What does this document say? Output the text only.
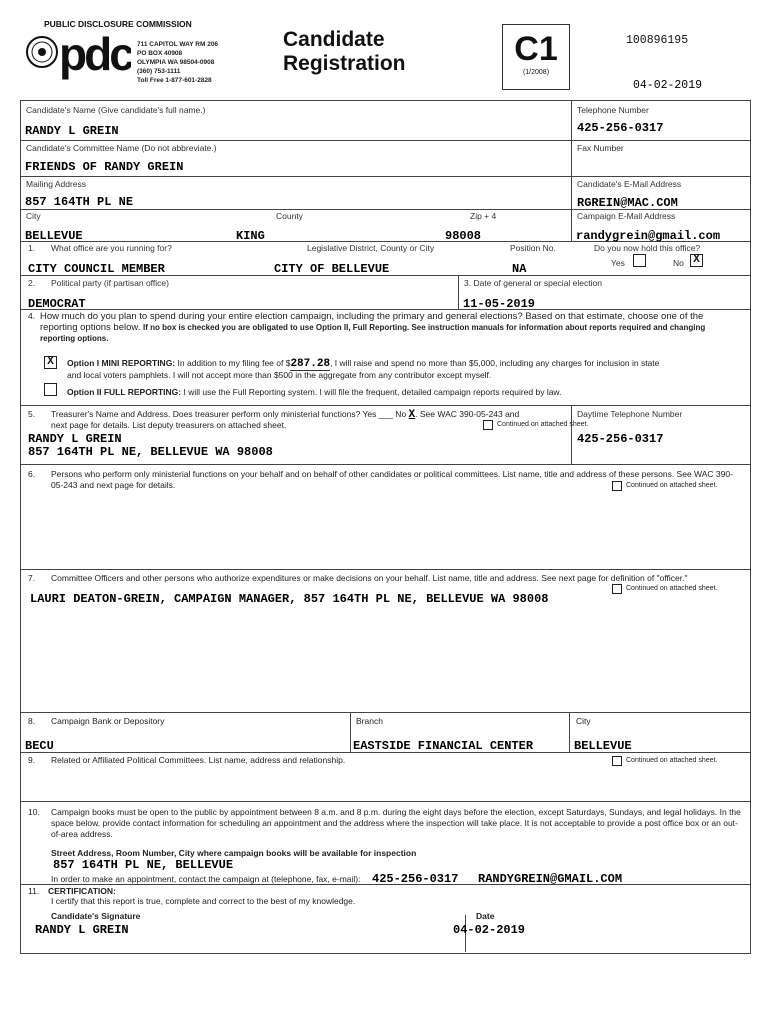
PUBLIC DISCLOSURE COMMISSION
pdc 711 CAPITOL WAY RM 206
PO BOX 40908
OLYMPIA WA 98504-0908
(360) 753-1111
Toll Free 1-877-601-2828
Candidate
Registration	C1
(1/2008)
100896195
04-02-2019
Candidate's Name (Give candidate's full name.)
RANDY L GREIN
Telephone Number
425-256-0317
Candidate's Committee Name (Do not abbreviate.)
FRIENDS OF RANDY GREIN
Fax Number
Mailing Address
857 164TH PL NE
Candidate's E-Mail Address
RGREIN@MAC.COM
City	County	Zip + 4	Campaign E-Mail Address
BELLEVUE	KING	98008	randygrein@gmail.com
1. What office are you running for?	Legislative District, County or City	Position No.	Do you now hold this office?
Yes	No X
CITY COUNCIL MEMBER	CITY OF BELLEVUE	NA
2. Political party (if partisan office)	3. Date of general or special election
DEMOCRAT	11-05-2019
4. How much do you plan to spend during your entire election campaign, including the primary and general elections? Based on that estimate, choose one of the reporting options below. If no box is checked you are obligated to use Option II, Full Reporting. See instruction manuals for information about reports required and changing reporting options.
X	Option I MINI REPORTING: In addition to my filing fee of $287.28, I will raise and spend no more than $5,000, including any charges for inclusion in state
and local voters pamphlets. I will not accept more than $500 in the aggregate from any contributor except myself.
Option II FULL REPORTING: I will use the Full Reporting system. I will file the frequent, detailed campaign reports required by law.
5. Treasurer's Name and Address. Does treasurer perform only ministerial functions? Yes ___ No X. See WAC 390-05-243 and
next page for details. List deputy treasurers on attached sheet.	Continued on attached sheet.
Daytime Telephone Number
RANDY L GREIN
857 164TH PL NE, BELLEVUE WA 98008
425-256-0317
6. Persons who perform only ministerial functions on your behalf and on behalf of other candidates or political committees. List name, title and address of these persons. See WAC 390-05-243 and next page for details.	Continued on attached sheet.
7. Committee Officers and other persons who authorize expenditures or make decisions on your behalf. List name, title and address. See next page for definition of "officer."
Continued on attached sheet.
LAURI DEATON-GREIN, CAMPAIGN MANAGER, 857 164TH PL NE, BELLEVUE WA 98008
8. Campaign Bank or Depository	Branch	City
BECU	EASTSIDE FINANCIAL CENTER	BELLEVUE
9. Related or Affiliated Political Committees. List name, address and relationship.	Continued on attached sheet.
10. Campaign books must be open to the public by appointment between 8 a.m. and 8 p.m. during the eight days before the election, except Saturdays, Sundays, and legal holidays. In the space below, provide contact information for scheduling an appointment and the address where the inspection will take place. It is not acceptable to provide a post office box or an out-of-area address.
Street Address, Room Number, City where campaign books will be available for inspection
857 164TH PL NE, BELLEVUE
In order to make an appointment, contact the campaign at (telephone, fax, e-mail): 425-256-0317 RANDYGREIN@GMAIL.COM
11. CERTIFICATION:
I certify that this report is true, complete and correct to the best of my knowledge.
Candidate's Signature	Date
RANDY L GREIN	04-02-2019
